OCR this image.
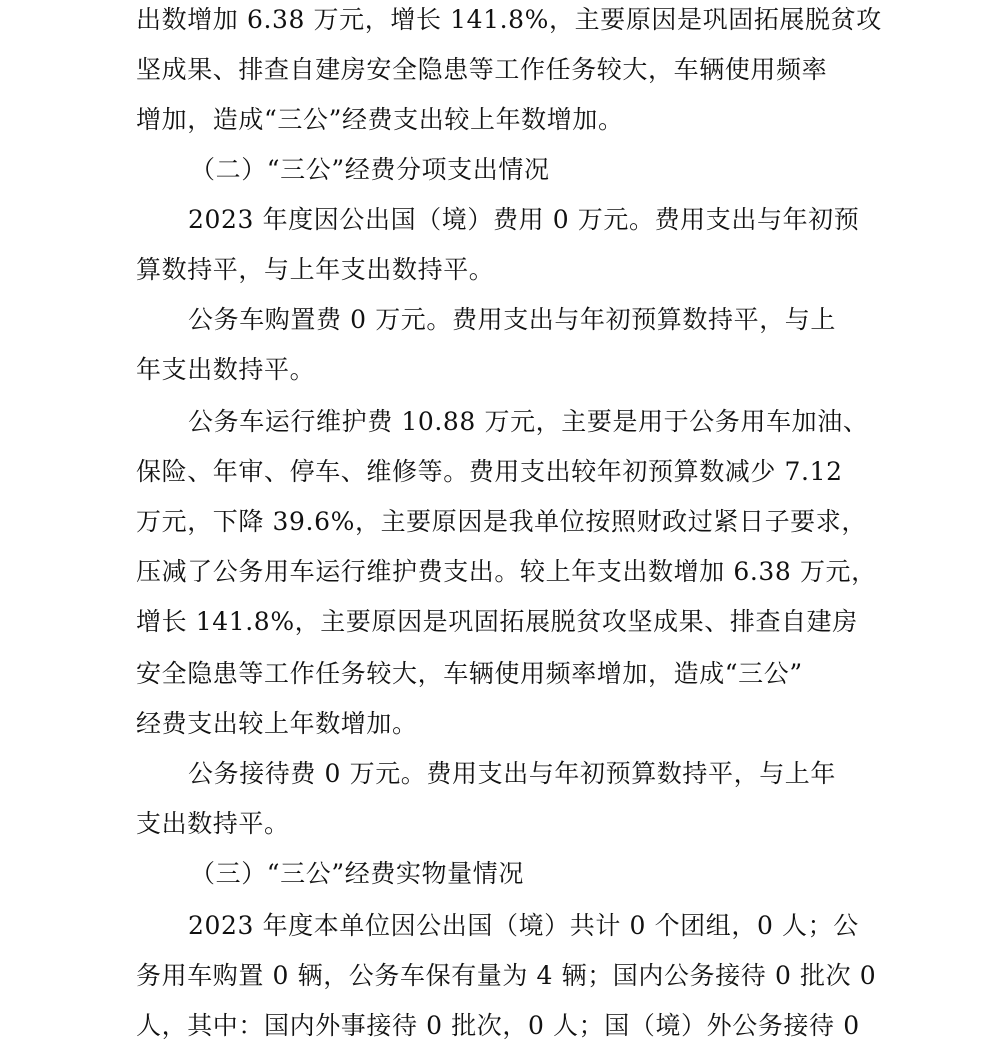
出数增加 6.38 万元，增长 141.8%，主要原因是巩固拓展脱贫攻
坚成果、排查自建房安全隐患等工作任务较大，车辆使用频率
增加，造成“三公”经费支出较上年数增加。
（二）“三公”经费分项支出情况
2023 年度因公出国（境）费用 0 万元。费用支出与年初预
算数持平，与上年支出数持平。
公务车购置费 0 万元。费用支出与年初预算数持平，与上
年支出数持平。
公务车运行维护费 10.88 万元，主要是用于公务用车加油、
保险、年审、停车、维修等。费用支出较年初预算数减少 7.12
万元，下降 39.6%，主要原因是我单位按照财政过紧日子要求，
压减了公务用车运行维护费支出。较上年支出数增加 6.38 万元，
增长 141.8%，主要原因是巩固拓展脱贫攻坚成果、排查自建房
安全隐患等工作任务较大，车辆使用频率增加，造成“三公”
经费支出较上年数增加。
公务接待费 0 万元。费用支出与年初预算数持平，与上年
支出数持平。
（三）“三公”经费实物量情况
2023 年度本单位因公出国（境）共计 0 个团组，0 人；公
务用车购置 0 辆，公务车保有量为 4 辆；国内公务接待 0 批次 0
人，其中：国内外事接待 0 批次，0 人；国（境）外公务接待 0
